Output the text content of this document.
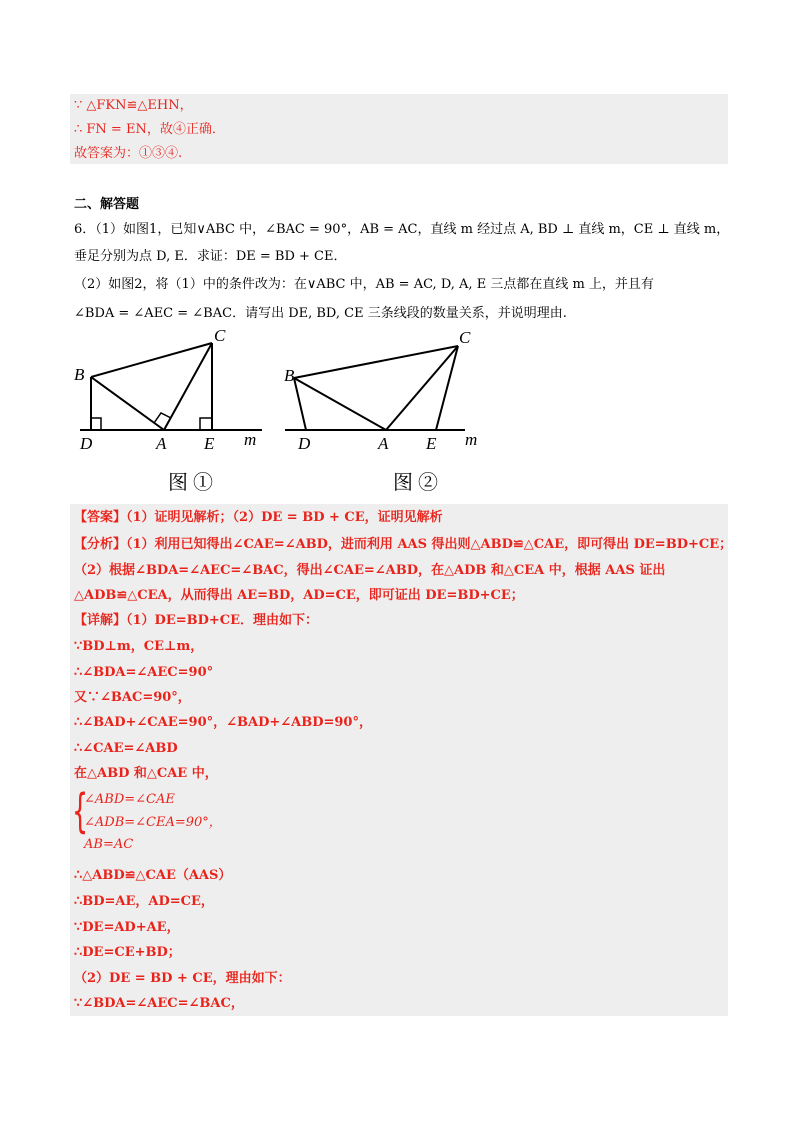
∵ △FKN≌△EHN，
∴ FN = EN，故④正确．
故答案为：①③④.
二、解答题
6．（1）如图1，已知∨ABC 中，∠BAC = 90°，AB = AC，直线 m 经过点 A, BD ⊥ 直线 m，CE ⊥ 直线 m，
垂足分别为点 D, E．求证：DE = BD + CE．
（2）如图2，将（1）中的条件改为：在∨ABC 中，AB = AC, D, A, E 三点都在直线 m 上，并且有
∠BDA = ∠AEC = ∠BAC．请写出 DE, BD, CE 三条线段的数量关系，并说明理由.
B
C
D	A E m
图 ①
B
C
D	A E m
图 ②
【答案】（1）证明见解析；（2）DE = BD + CE，证明见解析
【分析】（1）利用已知得出∠CAE=∠ABD，进而利用 AAS 得出则△ABD≌△CAE，即可得出 DE=BD+CE；
（2）根据∠BDA=∠AEC=∠BAC，得出∠CAE=∠ABD，在△ADB 和△CEA 中，根据 AAS 证出
△ADB≌△CEA，从而得出 AE=BD，AD=CE，即可证出 DE=BD+CE；
【详解】（1）DE=BD+CE．理由如下：
∵BD⊥m，CE⊥m，
∴∠BDA=∠AEC=90°
又∵∠BAC=90°，
∴∠BAD+∠CAE=90°，∠BAD+∠ABD=90°，
∴∠CAE=∠ABD
在△ABD 和△CAE 中，
{
∠ABD=∠CAE
∠ADB=∠CEA=90°，
AB=AC
∴△ABD≌△CAE（AAS）
∴BD=AE，AD=CE，
∵DE=AD+AE，
∴DE=CE+BD；
（2）DE = BD + CE，理由如下：
∵∠BDA=∠AEC=∠BAC，
